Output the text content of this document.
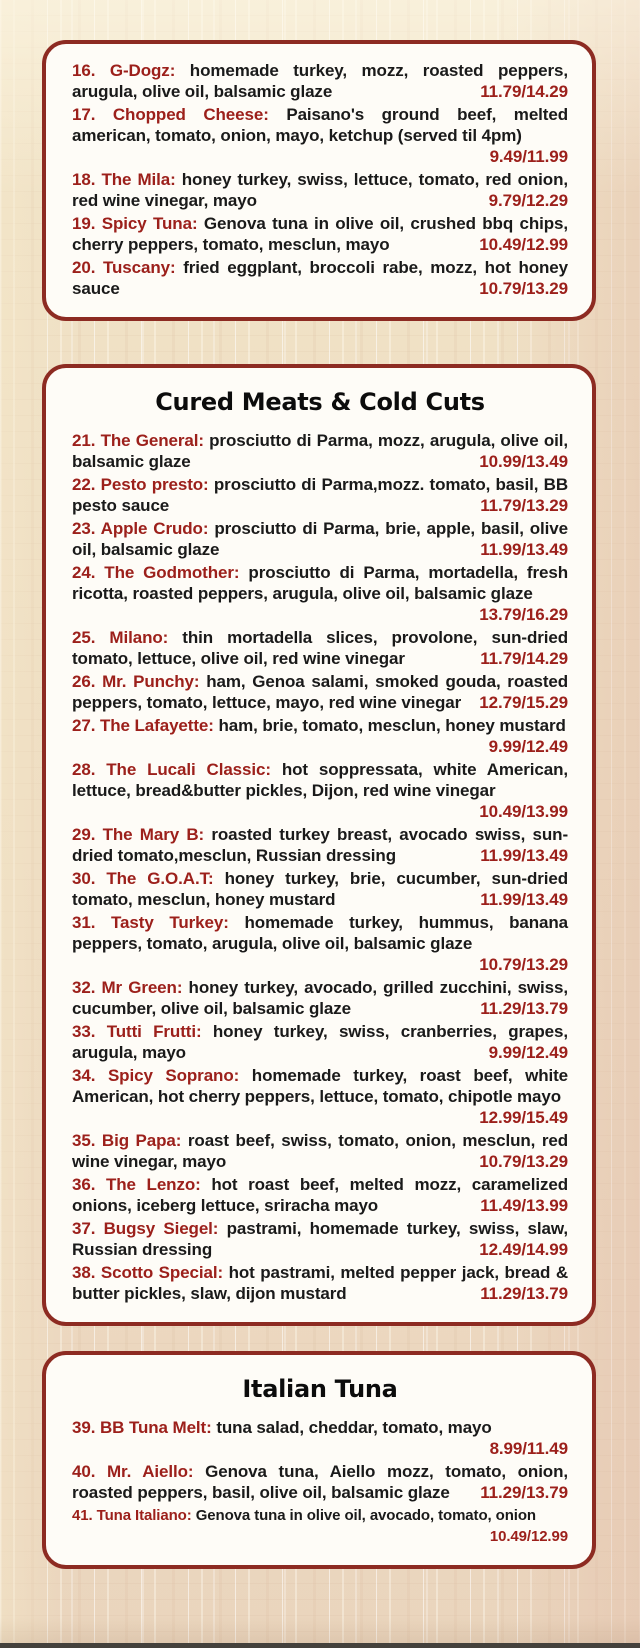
16. G-Dogz: homemade turkey, mozz, roasted peppers, arugula, olive oil, balsamic glaze	11.79/14.29

17. Chopped Cheese: Paisano's ground beef, melted american, tomato, onion, mayo, ketchup (served til 4pm)
9.49/11.99

18. The Mila: honey turkey, swiss, lettuce, tomato, red onion, red wine vinegar, mayo	9.79/12.29

19. Spicy Tuna: Genova tuna in olive oil, crushed bbq chips, cherry peppers, tomato, mesclun, mayo	10.49/12.99

20. Tuscany: fried eggplant, broccoli rabe, mozz, hot honey sauce	10.79/13.29

Cured Meats & Cold Cuts

21. The General: prosciutto di Parma, mozz, arugula, olive oil, balsamic glaze	10.99/13.49

22. Pesto presto: prosciutto di Parma,mozz. tomato, basil, BB pesto sauce	11.79/13.29

23. Apple Crudo: prosciutto di Parma, brie, apple, basil, olive oil, balsamic glaze	11.99/13.49

24. The Godmother: prosciutto di Parma, mortadella, fresh ricotta, roasted peppers, arugula, olive oil, balsamic glaze
13.79/16.29

25. Milano: thin mortadella slices, provolone, sun-dried tomato, lettuce, olive oil, red wine vinegar	11.79/14.29

26. Mr. Punchy: ham, Genoa salami, smoked gouda, roasted peppers, tomato, lettuce, mayo, red wine vinegar 12.79/15.29

27. The Lafayette: ham, brie, tomato, mesclun, honey mustard
9.99/12.49

28. The Lucali Classic: hot soppressata, white American, lettuce, bread&butter pickles, Dijon, red wine vinegar
10.49/13.99

29. The Mary B: roasted turkey breast, avocado swiss, sun-dried tomato,mesclun, Russian dressing	11.99/13.49

30. The G.O.A.T: honey turkey, brie, cucumber, sun-dried tomato, mesclun, honey mustard	11.99/13.49

31. Tasty Turkey: homemade turkey, hummus, banana peppers, tomato, arugula, olive oil, balsamic glaze
10.79/13.29

32. Mr Green: honey turkey, avocado, grilled zucchini, swiss, cucumber, olive oil, balsamic glaze	11.29/13.79

33. Tutti Frutti: honey turkey, swiss, cranberries, grapes, arugula, mayo	9.99/12.49

34. Spicy Soprano: homemade turkey, roast beef, white American, hot cherry peppers, lettuce, tomato, chipotle mayo
12.99/15.49

35. Big Papa: roast beef, swiss, tomato, onion, mesclun, red wine vinegar, mayo	10.79/13.29

36. The Lenzo: hot roast beef, melted mozz, caramelized onions, iceberg lettuce, sriracha mayo	11.49/13.99

37. Bugsy Siegel: pastrami, homemade turkey, swiss, slaw, Russian dressing	12.49/14.99

38. Scotto Special: hot pastrami, melted pepper jack, bread & butter pickles, slaw, dijon mustard	11.29/13.79

Italian Tuna

39. BB Tuna Melt: tuna salad, cheddar, tomato, mayo
8.99/11.49

40. Mr. Aiello: Genova tuna, Aiello mozz, tomato, onion, roasted peppers, basil, olive oil, balsamic glaze 11.29/13.79

41. Tuna Italiano: Genova tuna in olive oil, avocado, tomato, onion
10.49/12.99
